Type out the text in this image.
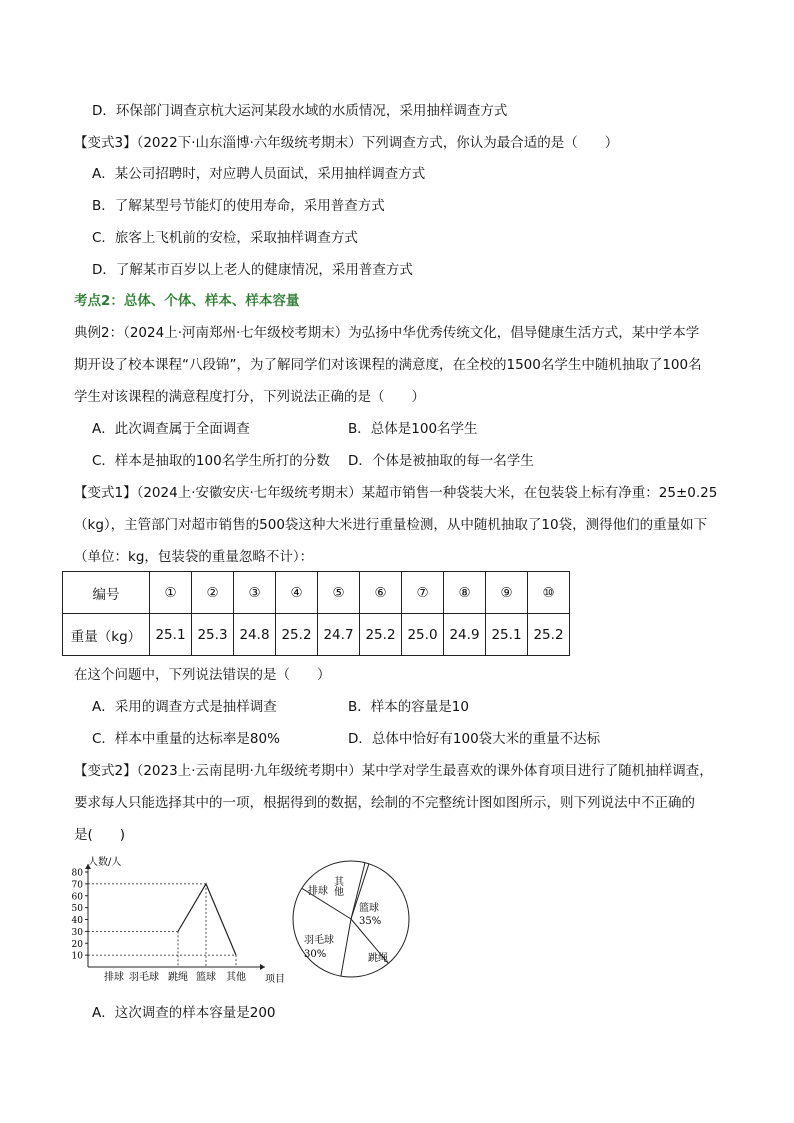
D．环保部门调查京杭大运河某段水域的水质情况，采用抽样调查方式
【变式3】（2022下·山东淄博·六年级统考期末）下列调查方式，你认为最合适的是（　　）
A．某公司招聘时，对应聘人员面试，采用抽样调查方式
B．了解某型号节能灯的使用寿命，采用普查方式
C．旅客上飞机前的安检，采取抽样调查方式
D．了解某市百岁以上老人的健康情况，采用普查方式
考点2：总体、个体、样本、样本容量
典例2：（2024上·河南郑州·七年级校考期末）为弘扬中华优秀传统文化，倡导健康生活方式，某中学本学
期开设了校本课程“八段锦”，为了解同学们对该课程的满意度，在全校的1500名学生中随机抽取了100名
学生对该课程的满意程度打分，下列说法正确的是（　　）
A．此次调查属于全面调查	B．总体是100名学生
C．样本是抽取的100名学生所打的分数 D．个体是被抽取的每一名学生
【变式1】（2024上·安徽安庆·七年级统考期末）某超市销售一种袋装大米，在包装袋上标有净重：25±0.25
（kg），主管部门对超市销售的500袋这种大米进行重量检测，从中随机抽取了10袋，测得他们的重量如下
（单位：kg，包装袋的重量忽略不计）：
编号	①	②	③	④	⑤	⑥	⑦	⑧	⑨	⑩
重量（kg）	25.1	25.3	24.8	25.2	24.7	25.2	25.0	24.9	25.1	25.2
在这个问题中，下列说法错误的是（　　）
A．采用的调查方式是抽样调查	B．样本的容量是10
C．样本中重量的达标率是80%	D．总体中恰好有100袋大米的重量不达标
【变式2】（2023上·云南昆明·九年级统考期中）某中学对学生最喜欢的课外体育项目进行了随机抽样调查，
要求每人只能选择其中的一项，根据得到的数据，绘制的不完整统计图如图所示，则下列说法中不正确的
是(　　)
10
20
30
40
50
60
70
80
排球 羽毛球 跳绳 篮球 其他
人数/人
项目
篮球
35%
跳绳
羽毛球
30%
排球 其他
A．这次调查的样本容量是200
